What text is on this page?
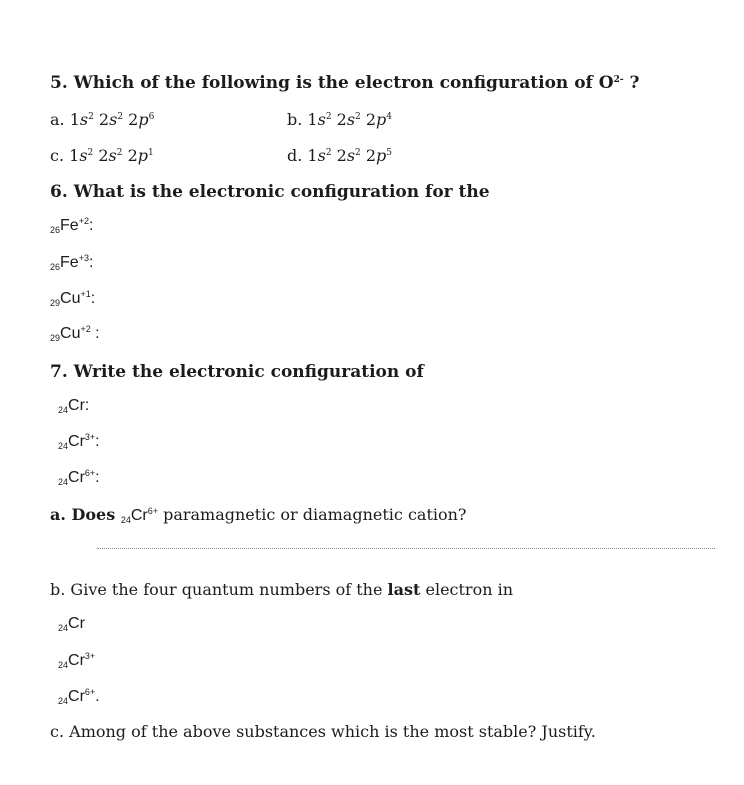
5. Which of the following is the electron configuration of $O^{2-}$ ?
a. $1s^2$ $2s^2$ $2p^6$	b. $1s^2$ $2s^2$ $2p^4$
c. $1s^2$ $2s^2$ $2p^1$	d. $1s^2$ $2s^2$ $2p^5$
6. What is the electronic configuration for the
$_{26}Fe^{+2}$:
$_{26}Fe^{+3}$:
$_{29}Cu^{+1}$:
$_{29}Cu^{+2}$ :
7. Write the electronic configuration of
$_{24}$Cr:
$_{24}Cr^{3+}$:
$_{24}Cr^{6+}$:
a. Does $_{24}Cr^{6+}$ paramagnetic or diamagnetic cation?
b. Give the four quantum numbers of the last electron in
$_{24}$Cr
$_{24}Cr^{3+}$
$_{24}Cr^{6+}$.
c. Among of the above substances which is the most stable? Justify.
